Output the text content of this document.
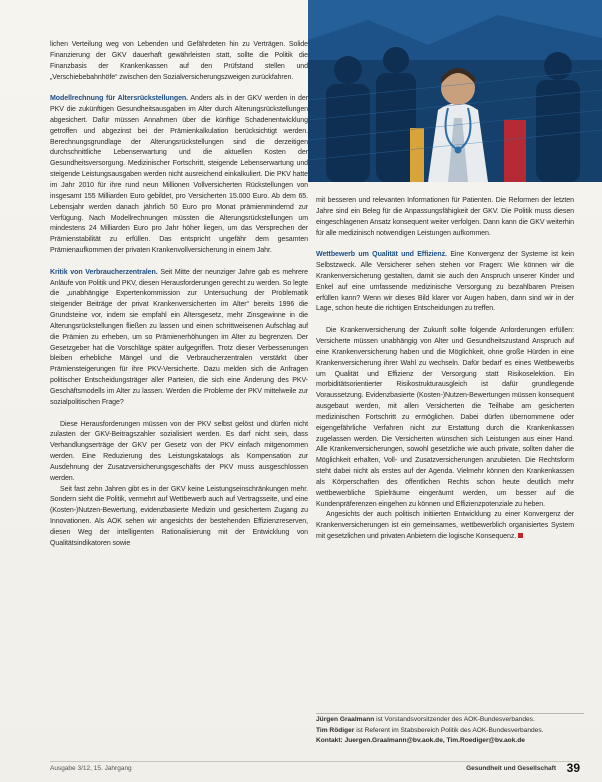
lichen Verteilung weg von Lebenden und Gefährdeten hin zu Verträgen. Solide Finanzierung der GKV dauerhaft gewährleisten statt, sollte die Politik die Finanzbasis der Krankenkassen auf den Prüfstand stellen und „Verschiebebahnhöfe“ zwischen den Sozialversicherungszweigen zurückfahren.

Modellrechnung für Altersrückstellungen. Anders als in der GKV werden in der PKV die zukünftigen Gesundheitsausgaben im Alter durch Alterungsrückstellungen abgesichert. Dafür müssen Annahmen über die künftige Schadenentwicklung getroffen und abgezinst bei der Prämienkalkulation berücksichtigt werden. Berechnungsgrundlage der Alterungsrückstellungen sind die derzeitigen durchschnittliche Lebenserwartung und die aktuellen Kosten der Gesundheitsversorgung. Medizinischer Fortschritt, steigende Lebenserwartung und steigende Leistungsausgaben werden nicht ausreichend einkalkuliert. Die PKV hatte im Jahr 2010 für ihre rund neun Millionen Vollversicherten Rückstellungen von insgesamt 155 Milliarden Euro gebildet, pro Versicherten 15.000 Euro. Ab dem 65. Lebensjahr werden danach jährlich 50 Euro pro Monat prämienmindernd zur Verfügung. Nach Modellrechnungen müssten die Alterungsrückstellungen um mindestens 24 Milliarden Euro pro Jahr höher liegen, um das Versprechen der Prämienstabilität zu erfüllen. Das entspricht ungefähr dem gesamten Prämienaufkommen der privaten Krankenvollversicherung in einem Jahr.

Kritik von Verbraucherzentralen. Seit Mitte der neunziger Jahre gab es mehrere Anläufe von Politik und PKV, diesen Herausforderungen gerecht zu werden. So legte die „unabhängige Expertenkommission zur Untersuchung der Problematik steigender Beiträge der privat Krankenversicherten im Alter“ bereits 1996 die Grundsteine vor, indem sie empfahl ein Altersgesetz, mehr Zinsgewinne in die Alterungsrückstellungen fließen zu lassen und einen schrittweisenen Aufschlag auf die Prämien zu erheben, um so Prämienerhöhungen im Alter zu begrenzen. Der Gesetzgeber hat die Vorschläge später aufgegriffen. Trotz dieser Verbesserungen bleiben erhebliche Mängel und die Verbraucherzentralen verstärkt über Prämiensteigerungen für ihre PKV-Versicherte. Dazu melden sich die Anfragen politischer Entscheidungsträger aller Parteien, die sich eine Änderung des PKV-Geschäftsmodells im Alter zu lassen. Werden die Probleme der PKV mittelweile zur sozialpolitischen Frage?

Diese Herausforderungen müssen von der PKV selbst gelöst und dürfen nicht zulasten der GKV-Beitragszahler sozialisiert werden. Es darf nicht sein, dass Verhandlungserträge der GKV per Gesetz von der PKV einfach mitgenommen werden. Eine Reduzierung des Leistungskatalogs als Kompensation zur Ausdehnung der Zusatzversicherungsgeschäfts der PKV muss ausgeschlossen werden.

Seit fast zehn Jahren gibt es in der GKV keine Leistungseinschränkungen mehr. Sondern sieht die Politik, vermehrt auf Wettbewerb auch auf Vertragsseite, und eine (Kosten-)Nutzen-Bewertung, evidenzbasierte Medizin und gesichertem Zugang zu Innovationen. Als AOK sehen wir angesichts der bestehenden Effizienzreserven, diesen Weg der intelligenten Rationalisierung mit der Entwicklung von Qualitätsindikatoren sowie

mit besseren und relevanten Informationen für Patienten. Die Reformen der letzten Jahre sind ein Beleg für die Anpassungsfähigkeit der GKV. Die Politik muss diesen eingeschlagenen Ansatz konsequent weiter verfolgen. Dann kann die GKV weiterhin für alle medizinisch notwendigen Leistungen aufkommen.

Wettbewerb um Qualität und Effizienz. Eine Konvergenz der Systeme ist kein Selbstzweck. Alle Versicherer sehen stehen vor Fragen: Wie können wir die Krankenversicherung gestalten, damit sie auch den Anspruch unserer Kinder und Enkel auf eine umfassende medizinische Versorgung zu bezahlbaren Preisen erfüllen kann? Wenn wir dieses Bild klarer vor Augen haben, dann sind wir in der Lage, schon heute die richtigen Entscheidungen zu treffen.

Die Krankenversicherung der Zukunft sollte folgende Anforderungen erfüllen: Versicherte müssen unabhängig von Alter und Gesundheitszustand Anspruch auf eine Krankenversicherung haben und die Möglichkeit, ohne große Hürden in eine Krankenversicherung ihrer Wahl zu wechseln. Dafür bedarf es eines Wettbewerbs um Qualität und Effizienz der Versorgung statt Risikoselektion. Ein morbiditätsorientierter Risikostrukturausgleich ist dafür grundlegende Voraussetzung. Evidenzbasierte (Kosten-)Nutzen-Bewertungen müssen konsequent ausgebaut werden, mit allen Versicherten die Teilhabe am gesicherten medizinischen Fortschritt zu ermöglichen. Dabei dürfen übernommene oder eigengefährliche Verfahren nicht zur Erstattung durch die Krankenkassen zugelassen werden. Die Versicherten wünschen sich Leistungen aus einer Hand. Alle Krankenversicherungen, sowohl gesetzliche wie auch private, sollten daher die Möglichkeit erhalten, Voll- und Zusatzversicherungen anzubieten. Die Rechtsform steht dabei nicht als erstes auf der Agenda. Vielmehr können den Krankenkassen als Körperschaften des öffentlichen Rechts schon heute deutlich mehr wettbewerbliche Spielräume eingeräumt werden, um besser auf die Kundenpräferenzen eingehen zu können und Effizienzpotenziale zu heben.

Angesichts der auch politisch initiierten Entwicklung zu einer Konvergenz der Krankenversicherungen ist ein gemeinsames, wettbewerblich organisiertes System mit gesetzlichen und privaten Anbietern die logische Konsequenz.

Jürgen Graalmann ist Vorstandsvorsitzender des AOK-Bundesverbandes.
Tim Rödiger ist Referent im Stabsbereich Politik des AOK-Bundesverbandes.
Kontakt: Juergen.Graalmann@bv.aok.de, Tim.Roediger@bv.aok.de
Ausgabe 3/12, 15. Jahrgang	Gesundheit und Gesellschaft 39
